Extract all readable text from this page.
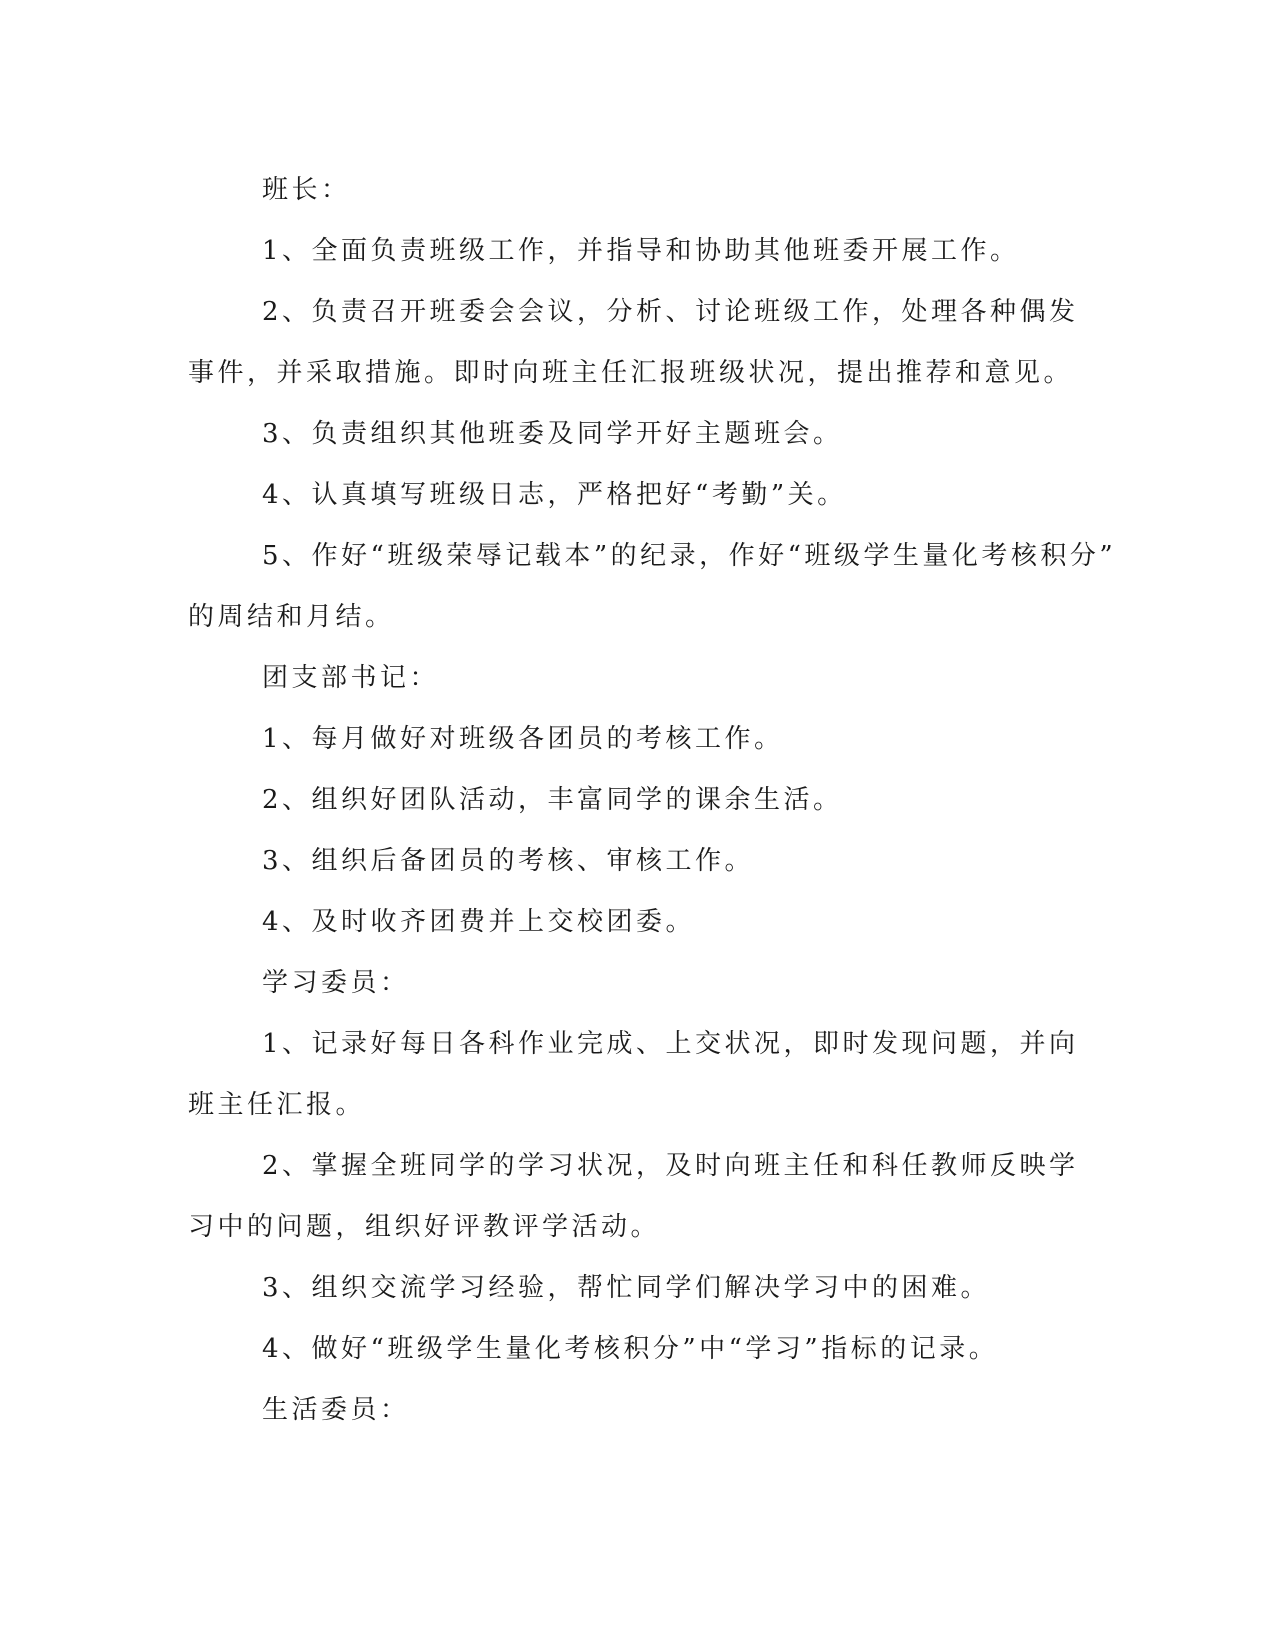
班长：
1、全面负责班级工作，并指导和协助其他班委开展工作。
2、负责召开班委会会议，分析、讨论班级工作，处理各种偶发
事件，并采取措施。即时向班主任汇报班级状况，提出推荐和意见。
3、负责组织其他班委及同学开好主题班会。
4、认真填写班级日志，严格把好“考勤”关。
5、作好“班级荣辱记载本”的纪录，作好“班级学生量化考核积分”
的周结和月结。
团支部书记：
1、每月做好对班级各团员的考核工作。
2、组织好团队活动，丰富同学的课余生活。
3、组织后备团员的考核、审核工作。
4、及时收齐团费并上交校团委。
学习委员：
1、记录好每日各科作业完成、上交状况，即时发现问题，并向
班主任汇报。
2、掌握全班同学的学习状况，及时向班主任和科任教师反映学
习中的问题，组织好评教评学活动。
3、组织交流学习经验，帮忙同学们解决学习中的困难。
4、做好“班级学生量化考核积分”中“学习”指标的记录。
生活委员：
